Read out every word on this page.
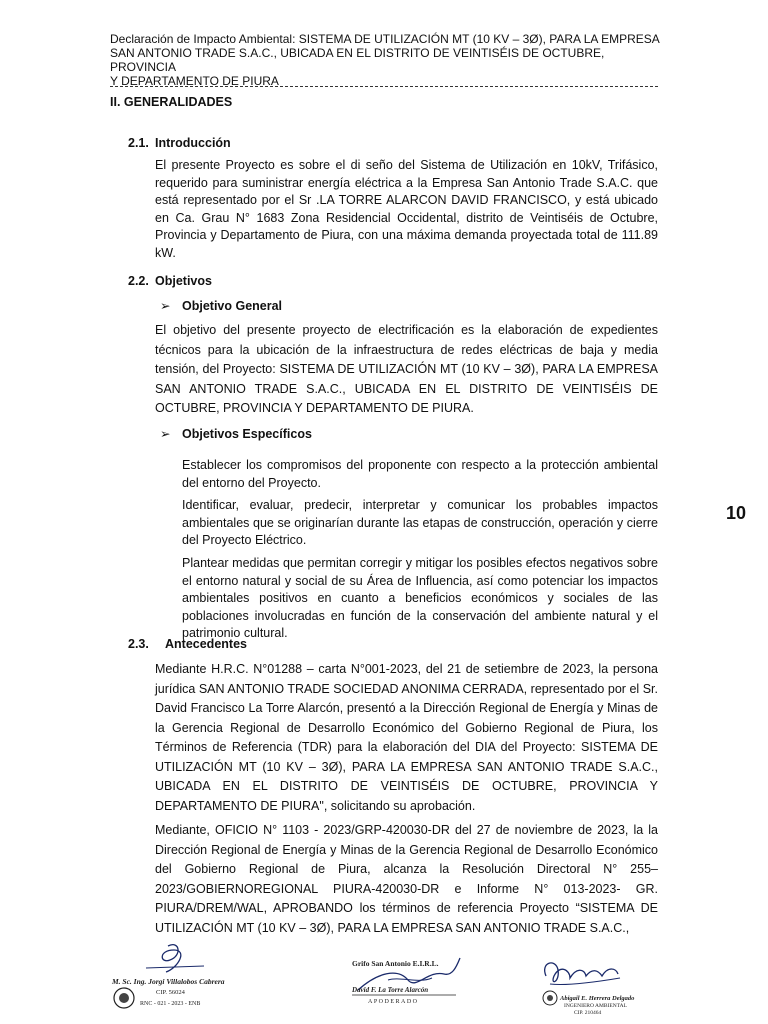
Declaración de Impacto Ambiental: SISTEMA DE UTILIZACIÓN MT (10 KV – 3Ø), PARA LA EMPRESA
SAN ANTONIO TRADE S.A.C., UBICADA EN EL DISTRITO DE VEINTISÉIS DE OCTUBRE, PROVINCIA
Y DEPARTAMENTO DE PIURA
II. GENERALIDADES
2.1. Introducción
El presente Proyecto es sobre el di seño del Sistema de Utilización en 10kV, Trifásico, requerido para suministrar energía eléctrica a la Empresa San Antonio Trade S.A.C. que está representado por el Sr .LA TORRE ALARCON DAVID FRANCISCO, y está ubicado en Ca. Grau N° 1683 Zona Residencial Occidental, distrito de Veintiséis de Octubre, Provincia y Departamento de Piura, con una máxima demanda proyectada total de 111.89 kW.
2.2. Objetivos
➢ Objetivo General
El objetivo del presente proyecto de electrificación es la elaboración de expedientes técnicos para la ubicación de la infraestructura de redes eléctricas de baja y media tensión, del Proyecto: SISTEMA DE UTILIZACIÓN MT (10 KV – 3Ø), PARA LA EMPRESA SAN ANTONIO TRADE S.A.C., UBICADA EN EL DISTRITO DE VEINTISÉIS DE OCTUBRE, PROVINCIA Y DEPARTAMENTO DE PIURA.
➢ Objetivos Específicos
Establecer los compromisos del proponente con respecto a la protección ambiental del entorno del Proyecto.
Identificar, evaluar, predecir, interpretar y comunicar los probables impactos ambientales que se originarían durante las etapas de construcción, operación y cierre del Proyecto Eléctrico.
Plantear medidas que permitan corregir y mitigar los posibles efectos negativos sobre el entorno natural y social de su Área de Influencia, así como potenciar los impactos ambientales positivos en cuanto a beneficios económicos y sociales de las poblaciones involucradas en función de la conservación del ambiente natural y el patrimonio cultural.
2.3. Antecedentes
Mediante H.R.C. N°01288 – carta N°001-2023, del 21 de setiembre de 2023, la persona jurídica SAN ANTONIO TRADE SOCIEDAD ANONIMA CERRADA, representado por el Sr. David Francisco La Torre Alarcón, presentó a la Dirección Regional de Energía y Minas de la Gerencia Regional de Desarrollo Económico del Gobierno Regional de Piura, los Términos de Referencia (TDR) para la elaboración del DIA del Proyecto: SISTEMA DE UTILIZACIÓN MT (10 KV – 3Ø), PARA LA EMPRESA SAN ANTONIO TRADE S.A.C., UBICADA EN EL DISTRITO DE VEINTISÉIS DE OCTUBRE, PROVINCIA Y DEPARTAMENTO DE PIURA", solicitando su aprobación.
Mediante, OFICIO N° 1103 - 2023/GRP-420030-DR del 27 de noviembre de 2023, la la Dirección Regional de Energía y Minas de la Gerencia Regional de Desarrollo Económico del Gobierno Regional de Piura, alcanza la Resolución Directoral N° 255– 2023/GOBIERNOREGIONAL PIURA-420030-DR e Informe N° 013-2023- GR. PIURA/DREM/WAL, APROBANDO los términos de referencia Proyecto “SISTEMA DE UTILIZACIÓN MT (10 KV – 3Ø), PARA LA EMPRESA SAN ANTONIO TRADE S.A.C.,
10
M. Sc. Ing. Jorgi Villalobos Cabrera
CIP. 56024
RNC - 021 - 2023 - ENB
Grifo San Antonio E.I.R.L.
David F. La Torre Alarcón
APODERADO	Abigail E. Herrera Delgado
INGENIERO AMBIENTAL
CIP. 210464
